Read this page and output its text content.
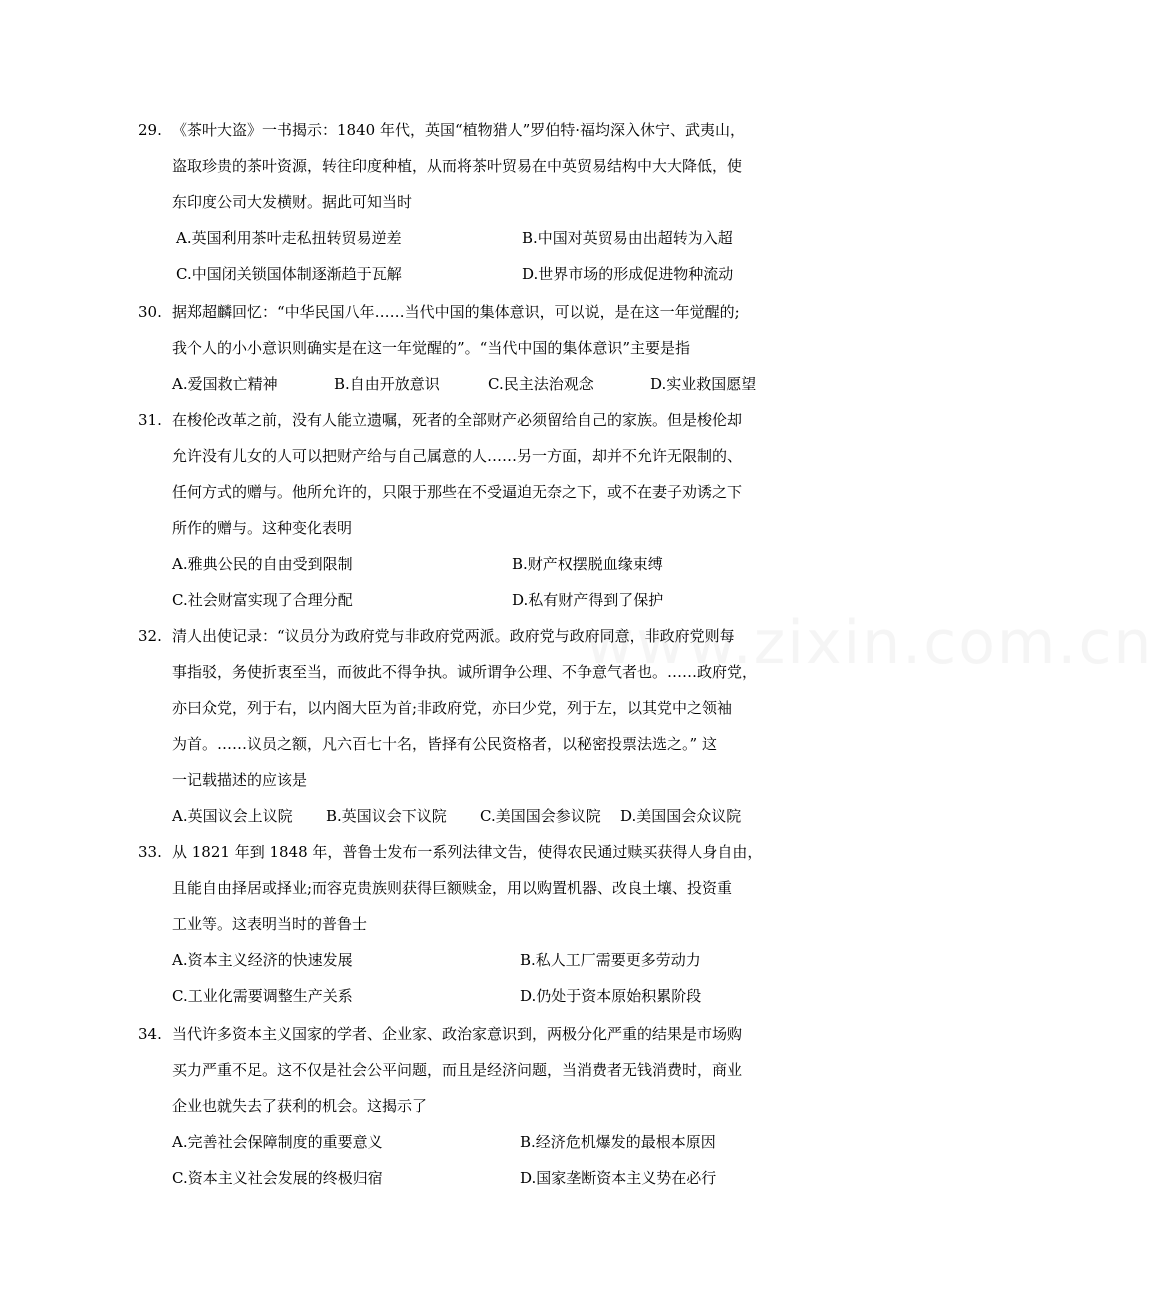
www.zixin.com.cn
29. 《茶叶大盗》一书揭示：1840 年代，英国“植物猎人”罗伯特·福均深入休宁、武夷山，
盗取珍贵的茶叶资源，转往印度种植，从而将茶叶贸易在中英贸易结构中大大降低，使
东印度公司大发横财。据此可知当时
A.英国利用茶叶走私扭转贸易逆差	B.中国对英贸易由出超转为入超
C.中国闭关锁国体制逐渐趋于瓦解	D.世界市场的形成促进物种流动
30. 据郑超麟回忆：“中华民国八年……当代中国的集体意识，可以说，是在这一年觉醒的;
我个人的小小意识则确实是在这一年觉醒的”。“当代中国的集体意识”主要是指
A.爱国救亡精神	B.自由开放意识	C.民主法治观念	D.实业救国愿望
31. 在梭伦改革之前，没有人能立遗嘱，死者的全部财产必须留给自己的家族。但是梭伦却
允许没有儿女的人可以把财产给与自己属意的人……另一方面，却并不允许无限制的、
任何方式的赠与。他所允许的，只限于那些在不受逼迫无奈之下，或不在妻子劝诱之下
所作的赠与。这种变化表明
A.雅典公民的自由受到限制	B.财产权摆脱血缘束缚
C.社会财富实现了合理分配	D.私有财产得到了保护
32. 清人出使记录：“议员分为政府党与非政府党两派。政府党与政府同意，非政府党则每
事指驳，务使折衷至当，而彼此不得争执。诚所谓争公理、不争意气者也。……政府党，
亦曰众党，列于右，以内阁大臣为首;非政府党，亦曰少党，列于左，以其党中之领袖
为首。……议员之额，凡六百七十名，皆择有公民资格者，以秘密投票法选之。” 这
一记载描述的应该是
A.英国议会上议院 B.英国议会下议院 C.美国国会参议院 D.美国国会众议院
33. 从 1821 年到 1848 年，普鲁士发布一系列法律文告，使得农民通过赎买获得人身自由，
且能自由择居或择业;而容克贵族则获得巨额赎金，用以购置机器、改良土壤、投资重
工业等。这表明当时的普鲁士
A.资本主义经济的快速发展	B.私人工厂需要更多劳动力
C.工业化需要调整生产关系	D.仍处于资本原始积累阶段
34. 当代许多资本主义国家的学者、企业家、政治家意识到，两极分化严重的结果是市场购
买力严重不足。这不仅是社会公平问题，而且是经济问题，当消费者无钱消费时，商业
企业也就失去了获利的机会。这揭示了
A.完善社会保障制度的重要意义	B.经济危机爆发的最根本原因
C.资本主义社会发展的终极归宿	D.国家垄断资本主义势在必行
